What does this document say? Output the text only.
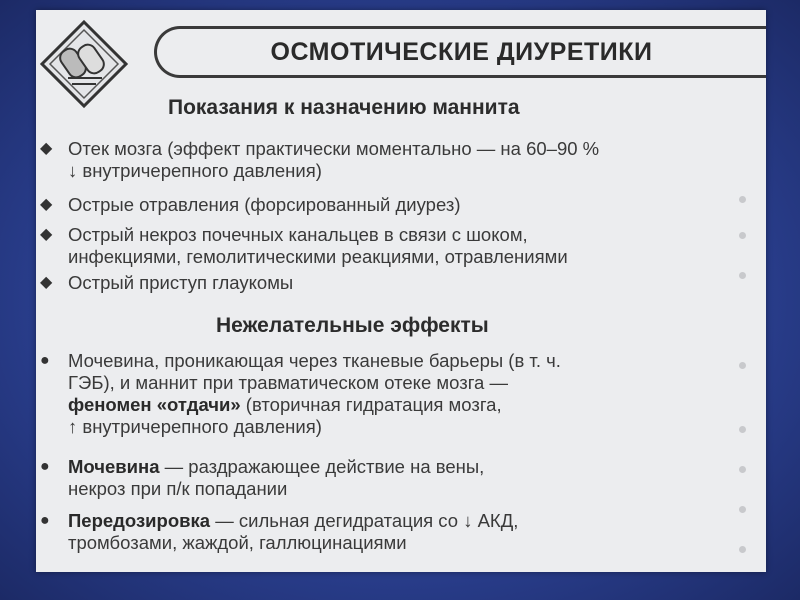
ОСМОТИЧЕСКИЕ ДИУРЕТИКИ
Показания к назначению маннита
◆ Отек мозга (эффект практически моментально — на 60–90 %
↓ внутричерепного давления)
◆ Острые отравления (форсированный диурез)
◆ Острый некроз почечных канальцев в связи с шоком,
инфекциями, гемолитическими реакциями, отравлениями
◆ Острый приступ глаукомы
Нежелательные эффекты
● Мочевина, проникающая через тканевые барьеры (в т. ч.
ГЭБ), и маннит при травматическом отеке мозга —
феномен «отдачи» (вторичная гидратация мозга,
↑ внутричерепного давления)
● Мочевина — раздражающее действие на вены,
некроз при п/к попадании
● Передозировка — сильная дегидратация со ↓ АКД,
тромбозами, жаждой, галлюцинациями
